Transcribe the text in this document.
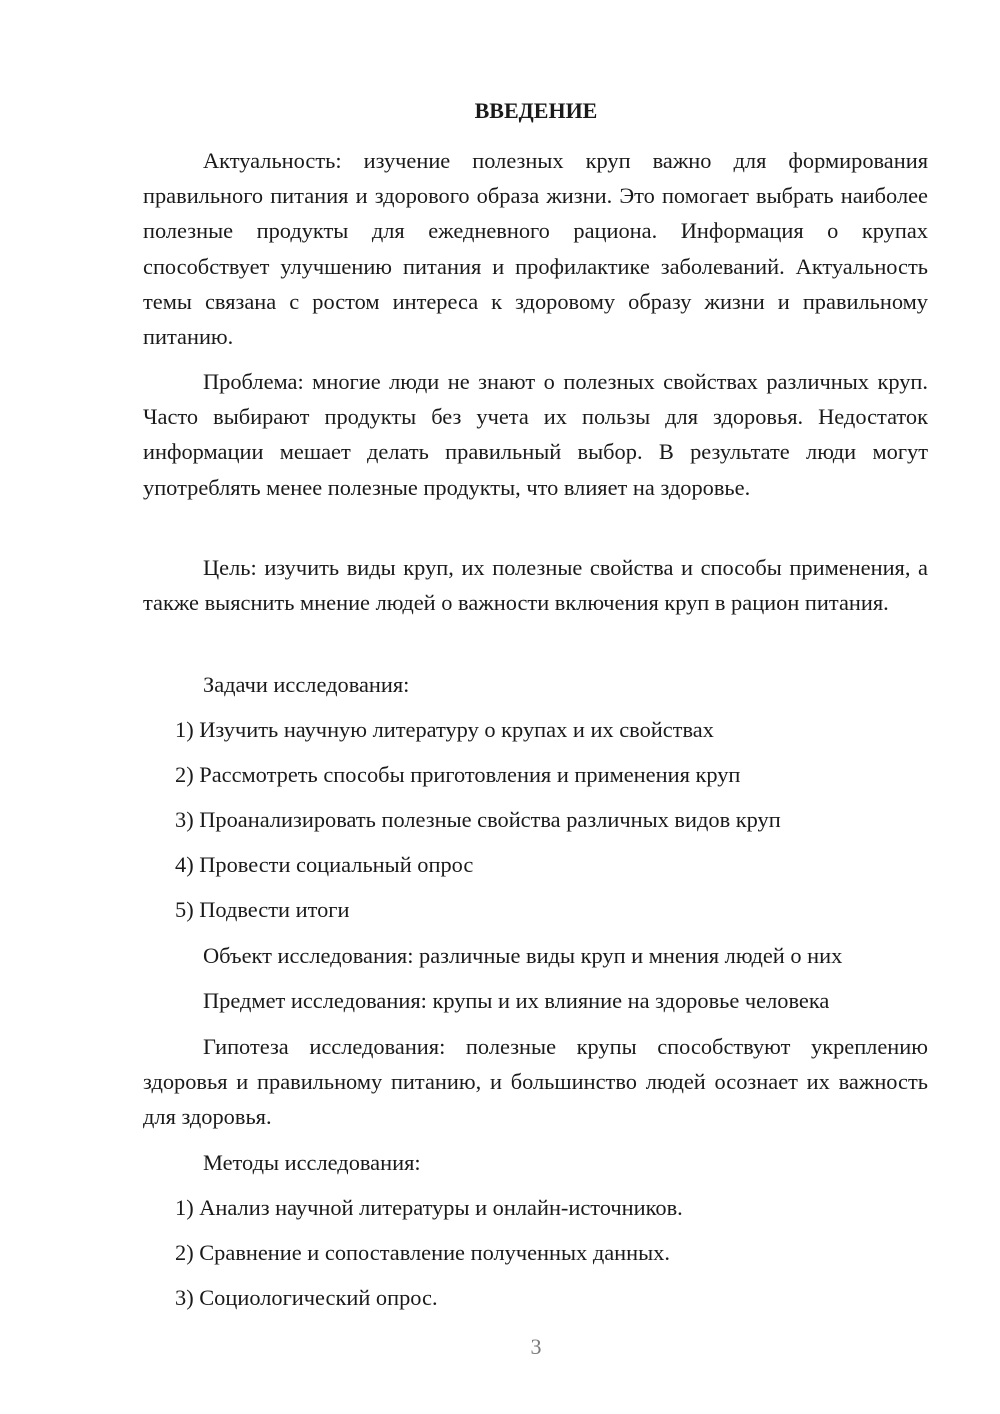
ВВЕДЕНИЕ

Актуальность: изучение полезных круп важно для формирования правильного питания и здорового образа жизни. Это помогает выбрать наиболее полезные продукты для ежедневного рациона. Информация о крупах способствует улучшению питания и профилактике заболеваний. Актуальность темы связана с ростом интереса к здоровому образу жизни и правильному питанию.

Проблема: многие люди не знают о полезных свойствах различных круп. Часто выбирают продукты без учета их пользы для здоровья. Недостаток информации мешает делать правильный выбор. В результате люди могут употреблять менее полезные продукты, что влияет на здоровье.

Цель: изучить виды круп, их полезные свойства и способы применения, а также выяснить мнение людей о важности включения круп в рацион питания.

Задачи исследования:
1) Изучить научную литературу о крупах и их свойствах
2) Рассмотреть способы приготовления и применения круп
3) Проанализировать полезные свойства различных видов круп
4) Провести социальный опрос
5) Подвести итоги
Объект исследования: различные виды круп и мнения людей о них
Предмет исследования: крупы и их влияние на здоровье человека

Гипотеза исследования: полезные крупы способствуют укреплению здоровья и правильному питанию, и большинство людей осознает их важность для здоровья.

Методы исследования:
1) Анализ научной литературы и онлайн-источников.
2) Сравнение и сопоставление полученных данных.
3) Социологический опрос.
3
